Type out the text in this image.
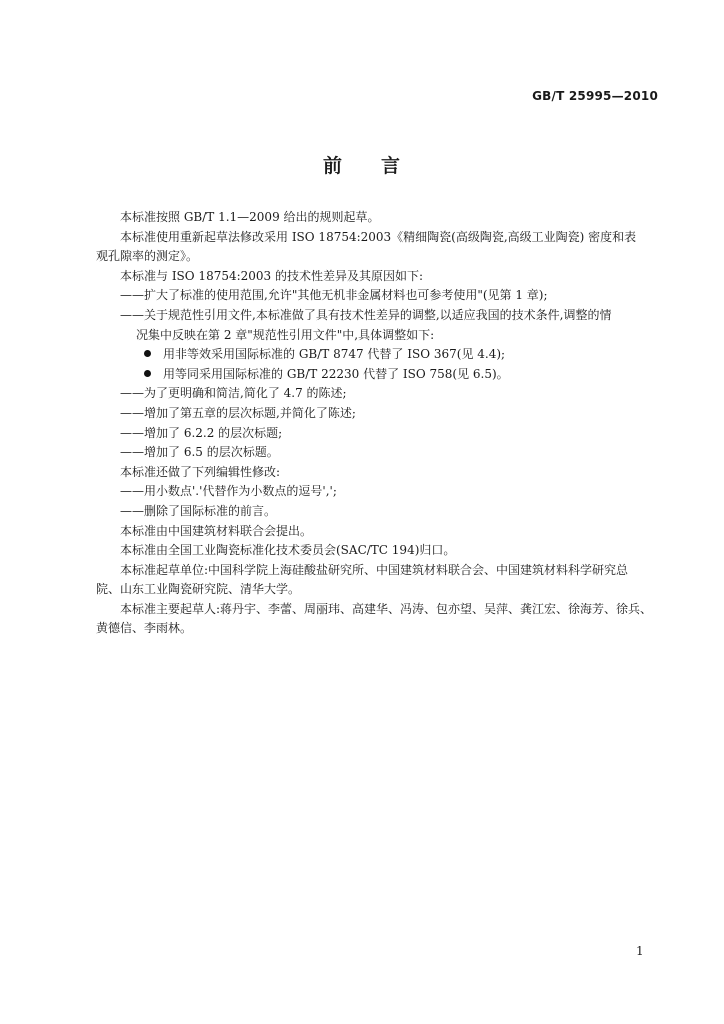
GB/T 25995—2010
前 言

本标准按照 GB/T 1.1—2009 给出的规则起草。

本标准使用重新起草法修改采用 ISO 18754:2003《精细陶瓷(高级陶瓷,高级工业陶瓷) 密度和表

观孔隙率的测定》。

本标准与 ISO 18754:2003 的技术性差异及其原因如下:

——扩大了标准的使用范围,允许"其他无机非金属材料也可参考使用"(见第 1 章);

——关于规范性引用文件,本标准做了具有技术性差异的调整,以适应我国的技术条件,调整的情

况集中反映在第 2 章"规范性引用文件"中,具体调整如下:

用非等效采用国际标准的 GB/T 8747 代替了 ISO 367(见 4.4);
用等同采用国际标准的 GB/T 22230 代替了 ISO 758(见 6.5)。

——为了更明确和简洁,简化了 4.7 的陈述;

——增加了第五章的层次标题,并简化了陈述;

——增加了 6.2.2 的层次标题;

——增加了 6.5 的层次标题。

本标准还做了下列编辑性修改:

——用小数点'.'代替作为小数点的逗号',';

——删除了国际标准的前言。

本标准由中国建筑材料联合会提出。

本标准由全国工业陶瓷标准化技术委员会(SAC/TC 194)归口。

本标准起草单位:中国科学院上海硅酸盐研究所、中国建筑材料联合会、中国建筑材料科学研究总

院、山东工业陶瓷研究院、清华大学。

本标准主要起草人:蒋丹宇、李蕾、周丽玮、高建华、冯涛、包亦望、吴萍、龚江宏、徐海芳、徐兵、

黄德信、李雨林。

1
